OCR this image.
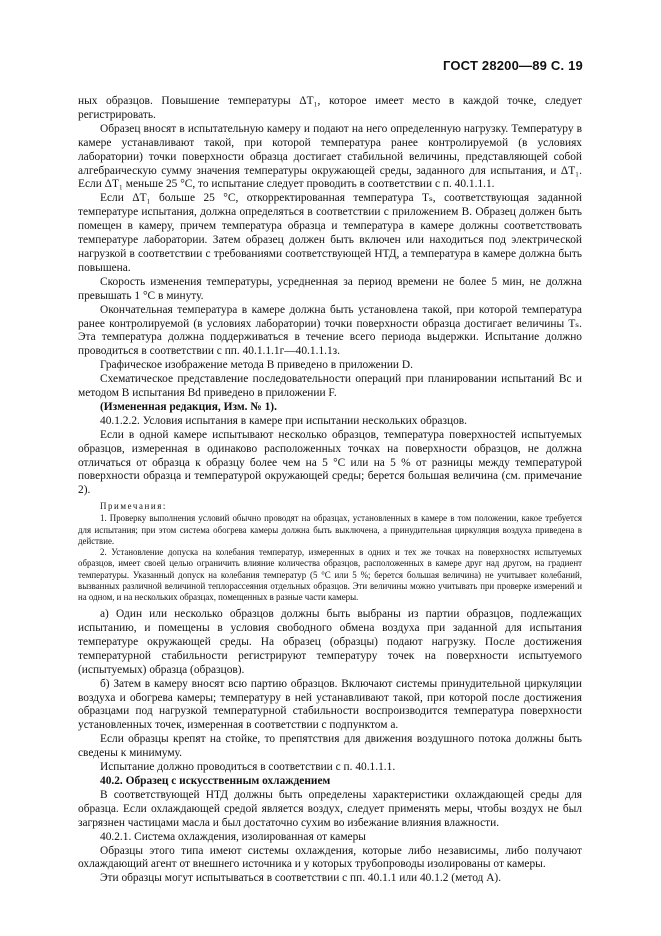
ГОСТ 28200—89 С. 19

ных образцов. Повышение температуры ΔT₁, которое имеет место в каждой точке, следует регистрировать.

Образец вносят в испытательную камеру и подают на него определенную нагрузку. Температуру в камере устанавливают такой, при которой температура ранее контролируемой (в условиях лаборатории) точки поверхности образца достигает стабильной величины, представляющей собой алгебраическую сумму значения температуры окружающей среды, заданного для испытания, и ΔT₁. Если ΔT₁ меньше 25 °С, то испытание следует проводить в соответствии с п. 40.1.1.1.

Если ΔT₁ больше 25 °С, откорректированная температура Tₛ, соответствующая заданной температуре испытания, должна определяться в соответствии с приложением В. Образец должен быть помещен в камеру, причем температура образца и температура в камере должны соответствовать температуре лаборатории. Затем образец должен быть включен или находиться под электрической нагрузкой в соответствии с требованиями соответствующей НТД, а температура в камере должна быть повышена.

Скорость изменения температуры, усредненная за период времени не более 5 мин, не должна превышать 1 °С в минуту.

Окончательная температура в камере должна быть установлена такой, при которой температура ранее контролируемой (в условиях лаборатории) точки поверхности образца достигает величины Tₛ. Эта температура должна поддерживаться в течение всего периода выдержки. Испытание должно проводиться в соответствии с пп. 40.1.1.1г—40.1.1.1з.

Графическое изображение метода В приведено в приложении D.

Схематическое представление последовательности операций при планировании испытаний Вс и методом В испытания Bd приведено в приложении F.

(Измененная редакция, Изм. № 1).

40.1.2.2. Условия испытания в камере при испытании нескольких образцов.

Если в одной камере испытывают несколько образцов, температура поверхностей испытуемых образцов, измеренная в одинаково расположенных точках на поверхности образцов, не должна отличаться от образца к образцу более чем на 5 °С или на 5 % от разницы между температурой поверхности образца и температурой окружающей среды; берется большая величина (см. примечание 2).

Примечания:

1. Проверку выполнения условий обычно проводят на образцах, установленных в камере в том положении, какое требуется для испытания; при этом система обогрева камеры должна быть выключена, а принудительная циркуляция воздуха приведена в действие.

2. Установление допуска на колебания температур, измеренных в одних и тех же точках на поверхностях испытуемых образцов, имеет своей целью ограничить влияние количества образцов, расположенных в камере друг над другом, на градиент температуры. Указанный допуск на колебания температур (5 °С или 5 %; берется большая величина) не учитывает колебаний, вызванных различной величиной теплорассеяния отдельных образцов. Эти величины можно учитывать при проверке измерений и на одном, и на нескольких образцах, помещенных в разные части камеры.

а) Один или несколько образцов должны быть выбраны из партии образцов, подлежащих испытанию, и помещены в условия свободного обмена воздуха при заданной для испытания температуре окружающей среды. На образец (образцы) подают нагрузку. После достижения температурной стабильности регистрируют температуру точек на поверхности испытуемого (испытуемых) образца (образцов).

б) Затем в камеру вносят всю партию образцов. Включают системы принудительной циркуляции воздуха и обогрева камеры; температуру в ней устанавливают такой, при которой после достижения образцами под нагрузкой температурной стабильности воспроизводится температура поверхности установленных точек, измеренная в соответствии с подпунктом а.

Если образцы крепят на стойке, то препятствия для движения воздушного потока должны быть сведены к минимуму.

Испытание должно проводиться в соответствии с п. 40.1.1.1.

40.2. Образец с искусственным охлаждением

В соответствующей НТД должны быть определены характеристики охлаждающей среды для образца. Если охлаждающей средой является воздух, следует применять меры, чтобы воздух не был загрязнен частицами масла и был достаточно сухим во избежание влияния влажности.

40.2.1. Система охлаждения, изолированная от камеры

Образцы этого типа имеют системы охлаждения, которые либо независимы, либо получают охлаждающий агент от внешнего источника и у которых трубопроводы изолированы от камеры.

Эти образцы могут испытываться в соответствии с пп. 40.1.1 или 40.1.2 (метод А).
